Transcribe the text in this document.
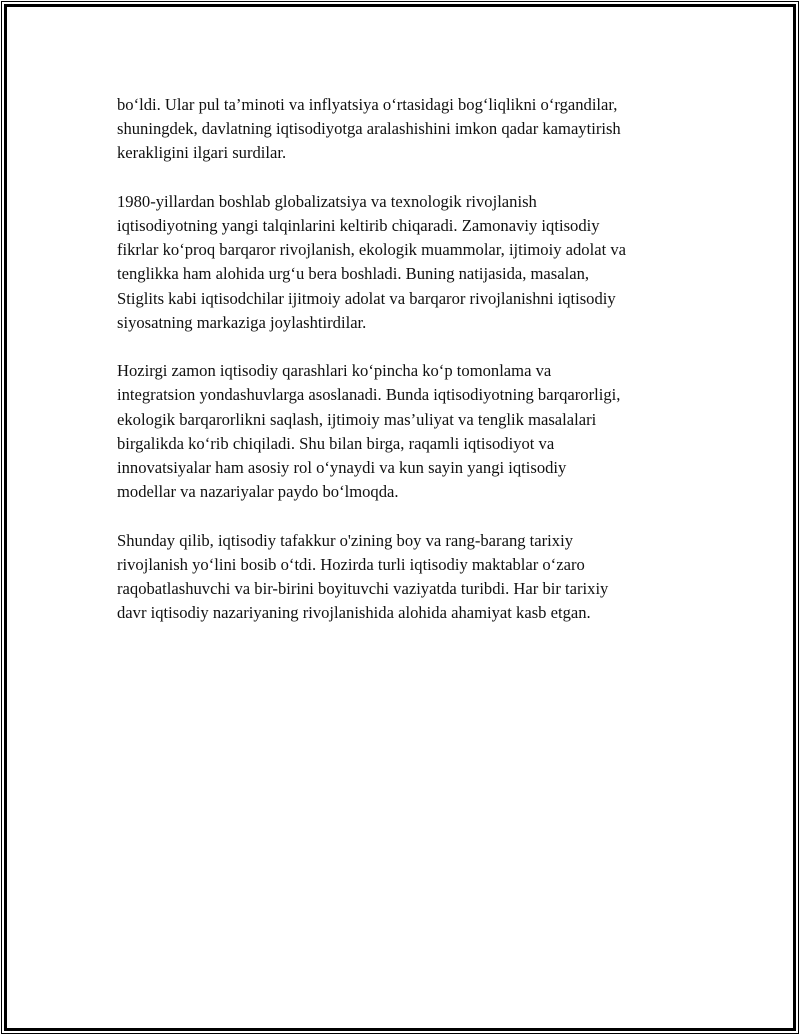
bo‘ldi. Ular pul ta’minoti va inflyatsiya o‘rtasidagi bog‘liqlikni o‘rgandilar,
shuningdek, davlatning iqtisodiyotga aralashishini imkon qadar kamaytirish
kerakligini ilgari surdilar.

1980-yillardan boshlab globalizatsiya va texnologik rivojlanish
iqtisodiyotning yangi talqinlarini keltirib chiqaradi. Zamonaviy iqtisodiy
fikrlar ko‘proq barqaror rivojlanish, ekologik muammolar, ijtimoiy adolat va
tenglikka ham alohida urg‘u bera boshladi. Buning natijasida, masalan,
Stiglits kabi iqtisodchilar ijitmoiy adolat va barqaror rivojlanishni iqtisodiy
siyosatning markaziga joylashtirdilar.

Hozirgi zamon iqtisodiy qarashlari ko‘pincha ko‘p tomonlama va
integratsion yondashuvlarga asoslanadi. Bunda iqtisodiyotning barqarorligi,
ekologik barqarorlikni saqlash, ijtimoiy mas’uliyat va tenglik masalalari
birgalikda ko‘rib chiqiladi. Shu bilan birga, raqamli iqtisodiyot va
innovatsiyalar ham asosiy rol o‘ynaydi va kun sayin yangi iqtisodiy
modellar va nazariyalar paydo bo‘lmoqda.

Shunday qilib, iqtisodiy tafakkur o'zining boy va rang-barang tarixiy
rivojlanish yo‘lini bosib o‘tdi. Hozirda turli iqtisodiy maktablar o‘zaro
raqobatlashuvchi va bir-birini boyituvchi vaziyatda turibdi. Har bir tarixiy
davr iqtisodiy nazariyaning rivojlanishida alohida ahamiyat kasb etgan.
